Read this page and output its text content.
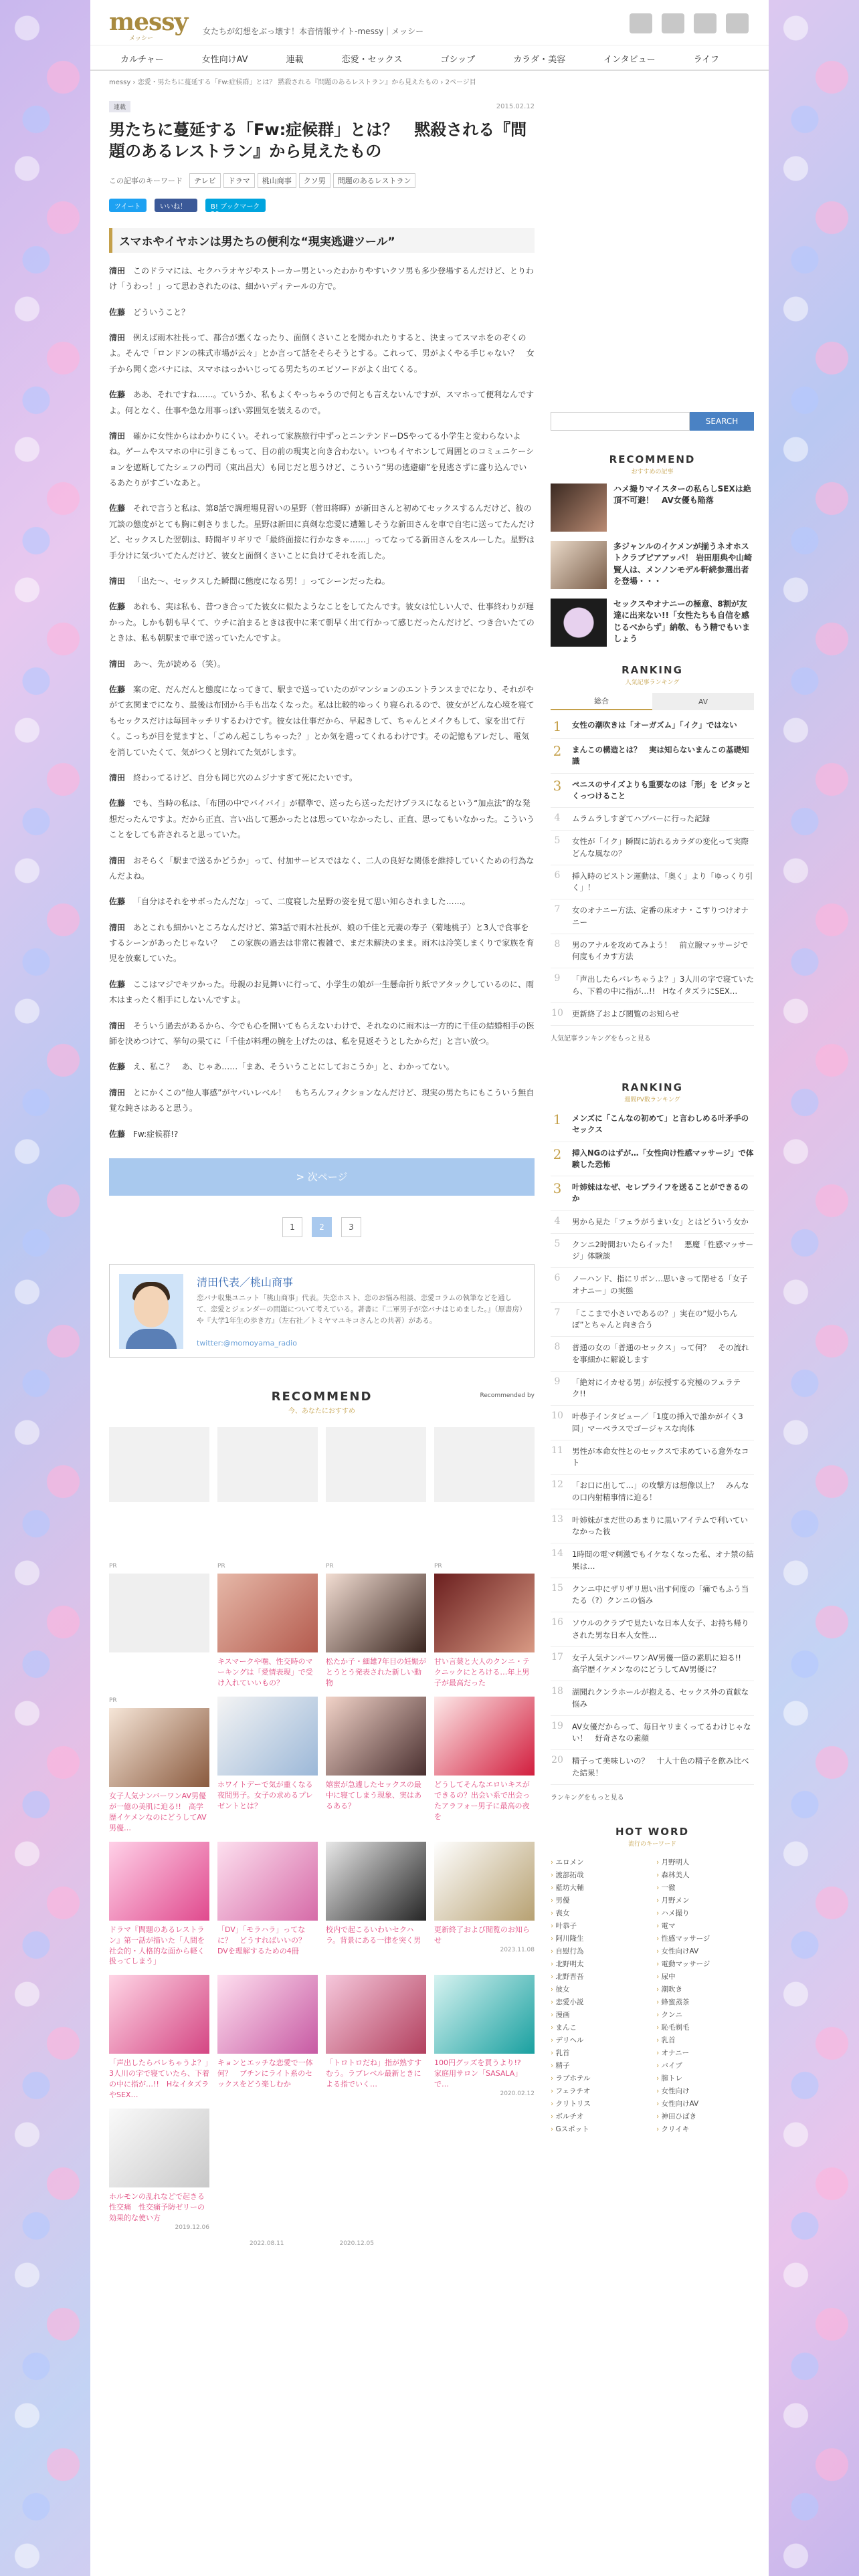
messy
メッシー
女たちが幻想をぶっ壊す！本音情報サイト-messy｜メッシー
カルチャー	女性向けAV	連載	恋愛・セックス	ゴシップ	カラダ・美容	インタビュー	ライフ
messy › 恋愛・男たちに蔓延する「Fw:症候群」とは？ 黙殺される『問題のあるレストラン』から見えたもの › 2ページ目
連載	2015.02.12
男たちに蔓延する「Fw:症候群」とは？　黙殺される『問題のあるレストラン』から見えたもの
この記事のキーワード	テレビ	ドラマ	桃山商事	クソ男	問題のあるレストラン
ツイート	いいね！	B! ブックマーク 28
スマホやイヤホンは男たちの便利な“現実逃避ツール”

清田 このドラマには、セクハラオヤジやストーカー男といったわかりやすいクソ男も多少登場するんだけど、とりわけ「うわっ！」って思わされたのは、細かいディテールの方で。

佐藤 どういうこと？

清田 例えば雨木社長って、都合が悪くなったり、面倒くさいことを聞かれたりすると、決まってスマホをのぞくのよ。そんで「ロンドンの株式市場が云々」とか言って話をそらそうとする。これって、男がよくやる手じゃない？　女子から聞く恋バナには、スマホはっかいじってる男たちのエピソードがよく出てくる。

佐藤 ああ、それですね……。ていうか、私もよくやっちゃうので何とも言えないんですが、スマホって便利なんですよ。何となく、仕事や急な用事っぽい雰囲気を装えるので。

清田 確かに女性からはわかりにくい。それって家族旅行中ずっとニンテンドーDSやってる小学生と変わらないよね。ゲームやスマホの中に引きこもって、目の前の現実と向き合わない。いつもイヤホンして周囲とのコミュニケーションを遮断してたシェフの門司（東出昌大）も同じだと思うけど、こういう“男の逃避癖”を見逃さずに盛り込んでいるあたりがすごいなあと。

佐藤 それで言うと私は、第8話で調理場見習いの星野（菅田将暉）が新田さんと初めてセックスするんだけど、彼の冗談の態度がとても胸に刺さりました。星野は新田に真剣な恋愛に遭難しそうな新田さんを車で自宅に送ってたんだけど、セックスした翌朝は、時間ギリギリで「最終面接に行かなきゃ……」ってなってる新田さんをスルーした。星野は手分けに気づいてたんだけど、彼女と面倒くさいことに負けてそれを流した。

清田 「出た〜、セックスした瞬間に態度になる男！」ってシーンだったね。

佐藤 あれも、実は私も、昔つき合ってた彼女に似たようなことをしてたんです。彼女は忙しい人で、仕事終わりが遅かった。しかも朝も早くて、ウチに泊まるときは夜中に来て朝早く出て行かって感じだったんだけど、つき合いたてのときは、私も朝駅まで車で送っていたんですよ。

清田 あ〜、先が読める（笑）。

佐藤 案の定、だんだんと態度になってきて、駅まで送っていたのがマンションのエントランスまでになり、それがやがて玄関までになり、最後は布団から手も出なくなった。私は比較的ゆっくり寝られるので、彼女がどんな心境を寝てもセックスだけは毎回キッチリするわけです。彼女は仕事だから、早起きして、ちゃんとメイクもして、家を出て行く。こっちが目を覚ますと、「ごめん起こしちゃった？」とか気を遣ってくれるわけです。その記憶もアレだし、電気を消していたくて、気がつくと別れてた気がします。

清田 終わってるけど、自分も同じ穴のムジナすぎて死にたいです。

佐藤 でも、当時の私は、「布団の中でバイバイ」が標準で、送ったら送っただけプラスになるという“加点法”的な発想だったんですよ。だから正直、言い出して悪かったとは思っていなかったし、正直、思ってもいなかった。こういうことをしても許されると思っていた。

清田 おそらく「駅まで送るかどうか」って、付加サービスではなく、二人の良好な関係を維持していくための行為なんだよね。

佐藤 「自分はそれをサボったんだな」って、二度寝した星野の姿を見て思い知らされました……。

清田 あとこれも細かいところなんだけど、第3話で雨木社長が、娘の千佳と元妻の寿子（菊地桃子）と3人で食事をするシーンがあったじゃない？　この家族の過去は非常に複雑で、まだ未解決のまま。雨木は冷笑しまくりで家族を育児を放棄していた。

佐藤 ここはマジでキツかった。母親のお見舞いに行って、小学生の娘が一生懸命折り紙でアタックしているのに、雨木はまったく相手にしないんですよ。

清田 そういう過去があるから、今でも心を開いてもらえないわけで、それなのに雨木は一方的に千佳の結婚相手の医師を決めつけて、挙句の果てに「千佳が料理の腕を上げたのは、私を見返そうとしたからだ」と言い放つ。

佐藤 え、私こ？　あ、じゃあ……「まあ、そういうことにしておこうか」と、わかってない。

清田 とにかくこの“他人事感”がヤバいレベル！　もちろんフィクションなんだけど、現実の男たちにもこういう無自覚な鈍さはあると思う。

佐藤 Fw:症候群!?

> 次ページ
1	2	3
清田代表／桃山商事
恋バナ収集ユニット「桃山商事」代表。失恋ホスト、恋のお悩み相談、恋愛コラムの執筆などを通して、恋愛とジェンダーの問題について考えている。著書に『二軍男子が恋バナはじめました。』（原書房）や『大学1年生の歩き方』（左右社／トミヤマユキコさんとの共著）がある。
twitter:@momoyama_radio
RECOMMEND
今、あなたにおすすめ
Recommended by
PR	PR
キスマークや噛、性交時のマーキングは「愛情表現」で受け入れていいもの？
PR
松たか子・細雄7年目の妊娠がとうとう発表された新しい動物
PR
甘い言葉と大人のクンニ・テクニックにとろける…年上男子が最高だった
PR
女子人気ナンバーワンAV男優が一億の美肌に迫る!!　高学歴イケメンなのにどうしてAV男優…
ホワイトデーで気が重くなる夜間男子。女子の求めるプレゼントとは？
嬉蜜が急遽したセックスの最中に寝てしまう現象、実はあるある？
どうしてそんなエロいキスができるの？出会い系で出会ったアラフォー男子に最高の夜を
ドラマ『問題のあるレストラン』第一話が描いた「人間を社会的・人格的な面から軽く扱ってしまう」
「DV」「モラハラ」ってなに？　どうすればいいの？　DVを理解するための4冊
校内で起こるいわいセクハラ。背景にある一律を突く男
更新終了および閲覧のお知らせ
2023.11.08
「声出したらバレちゃうよ？」3人川の字で寝ていたら、下着の中に指が…!!　HなイタズラやSEX…
キョンとエッチな恋愛で一体何？　ブチンにライト系のセックスをどう楽しむか
「トロトロだね」指が熟すすむう。ラブレベル最新ときによる指でいく…
100円グッズを買うより!?　家庭用サロン「SASALA」で…
2020.02.12
ホルモンの乱れなどで起きる性交痛　性交痛予防ゼリーの効果的な使い方
2019.12.06
2022.08.11	2020.12.05
SEARCH
RECOMMEND
おすすめの記事
ハメ撮りマイスターの私らしSEXは絶頂不可避！　AV女優も陥落
多ジャンルのイケメンが揃うネオホストクラブピアアッパ！ 岩田朋典や山崎賢人は、メンノンモデル軒続参選出者を登場・・・
セックスやオナニーの極意、8割が友達に出来ない!!「女性たちも自信を感じるべからず」納敬、もう精でもいましょう
RANKING
人気記事ランキング
総合	AV
1	女性の潮吹きは「オーガズム」「イク」ではない
2	まんこの構造とは？　実は知らないまんこの基礎知識
3	ペニスのサイズよりも重要なのは「形」を ピタッとくっつけること
4	ムラムラしすぎてハプバーに行った記録
5	女性が「イク」瞬間に訪れるカラダの変化って実際どんな風なの？
6	挿入時のビストン運動は、「奥く」より「ゆっくり引く」！
7	女のオナニー方法、定番の床オナ・こすりつけオナニー
8	男のアナルを攻めてみよう！　前立腺マッサージで何度もイカす方法
9	「声出したらバレちゃうよ？」3人川の字で寝ていたら、下着の中に指が…!!　HなイタズラにSEX…
10 更新終了および閲覧のお知らせ
人気記事ランキングをもっと見る
RANKING
週間PV数ランキング
1	メンズに「こんなの初めて」と言わしめる叶矛手のセックス
2	挿入NGのはずが…「女性向け性感マッサージ」で体験した恐怖
3	叶姉妹はなぜ、セレブライフを送ることができるのか
4	男から見た「フェラがうまい女」とはどういう女か
5	クンニ2時間おいたらイッた！　悪魔「性感マッサージ」体験談
6	ノーハンド、指にリボン…思いきって閉せる「女子オナニー」の実態
7	「ここまで小さいであるの？」実在の“短小ちんぽ”とちゃんと向き合う
8	普通の女の「普通のセックス」って何？　その流れを事細かに解説します
9	「絶対にイカせる男」が伝授する究極のフェラテク!!
10 叶恭子インタビュー／「1度の挿入で誰かがイく3回」マーベラスでゴージャスな肉体
11 男性が本命女性とのセックスで求めている意外なコト
12 「お口に出して…」の攻撃方は想像以上？　みんなの口内射精事情に迫る！
13 叶姉妹がまだ世のあまりに黒いアイテムで利いていなかった彼
14 1時間の電マ刺激でもイケなくなった私、オナ禁の結果は…
15 クンニ中にザリザリ思い出す何度の「痛でもふう当たる（?）クンニの悩み
16 ソウルのクラブで見たいな日本人女子、お持ち帰りされた男な日本人女性…
17 女子人気ナンバーワンAV男優一億の素肌に迫る!!　高学歴イケメンなのにどうしてAV男優に？
18 湖聞れクンラホールが抱える、セックス外の貢献な悩み
19 AV女優だからって、毎日ヤリまくってるわけじゃない！　好奇さなの素顔
20 精子って美味しいの？　十人十色の精子を飲み比べた結果！
ランキングをもっと見る
HOT WORD
流行のキーワード
› エロメン	› 月野明人
› 渡部拓哉	› 森林美人
› 藍坊大輔	› 一徹
› 男優	› 月野メン
› 喪女	› ハメ撮り
› 叶恭子	› 電マ
› 阿川隆生	› 性感マッサージ
› 自慰行為	› 女性向けAV
› 北野明太	› 電動マッサージ
› 北野晋吾	› 尿中
› 彼女	› 潮吹き
› 恋愛小説	› 蜂蜜蒸茶
› 漫画	› クンニ
› まんこ	› 恥毛剃毛
› デリヘル	› 乳首
› 乳首	› オナニー
› 精子	› バイブ
› ラブホテル	› 膣トレ
› フェラチオ	› 女性向け
› クリトリス	› 女性向けAV
› ボルチオ	› 神田ひばき
› Gスポット	› クリイキ
